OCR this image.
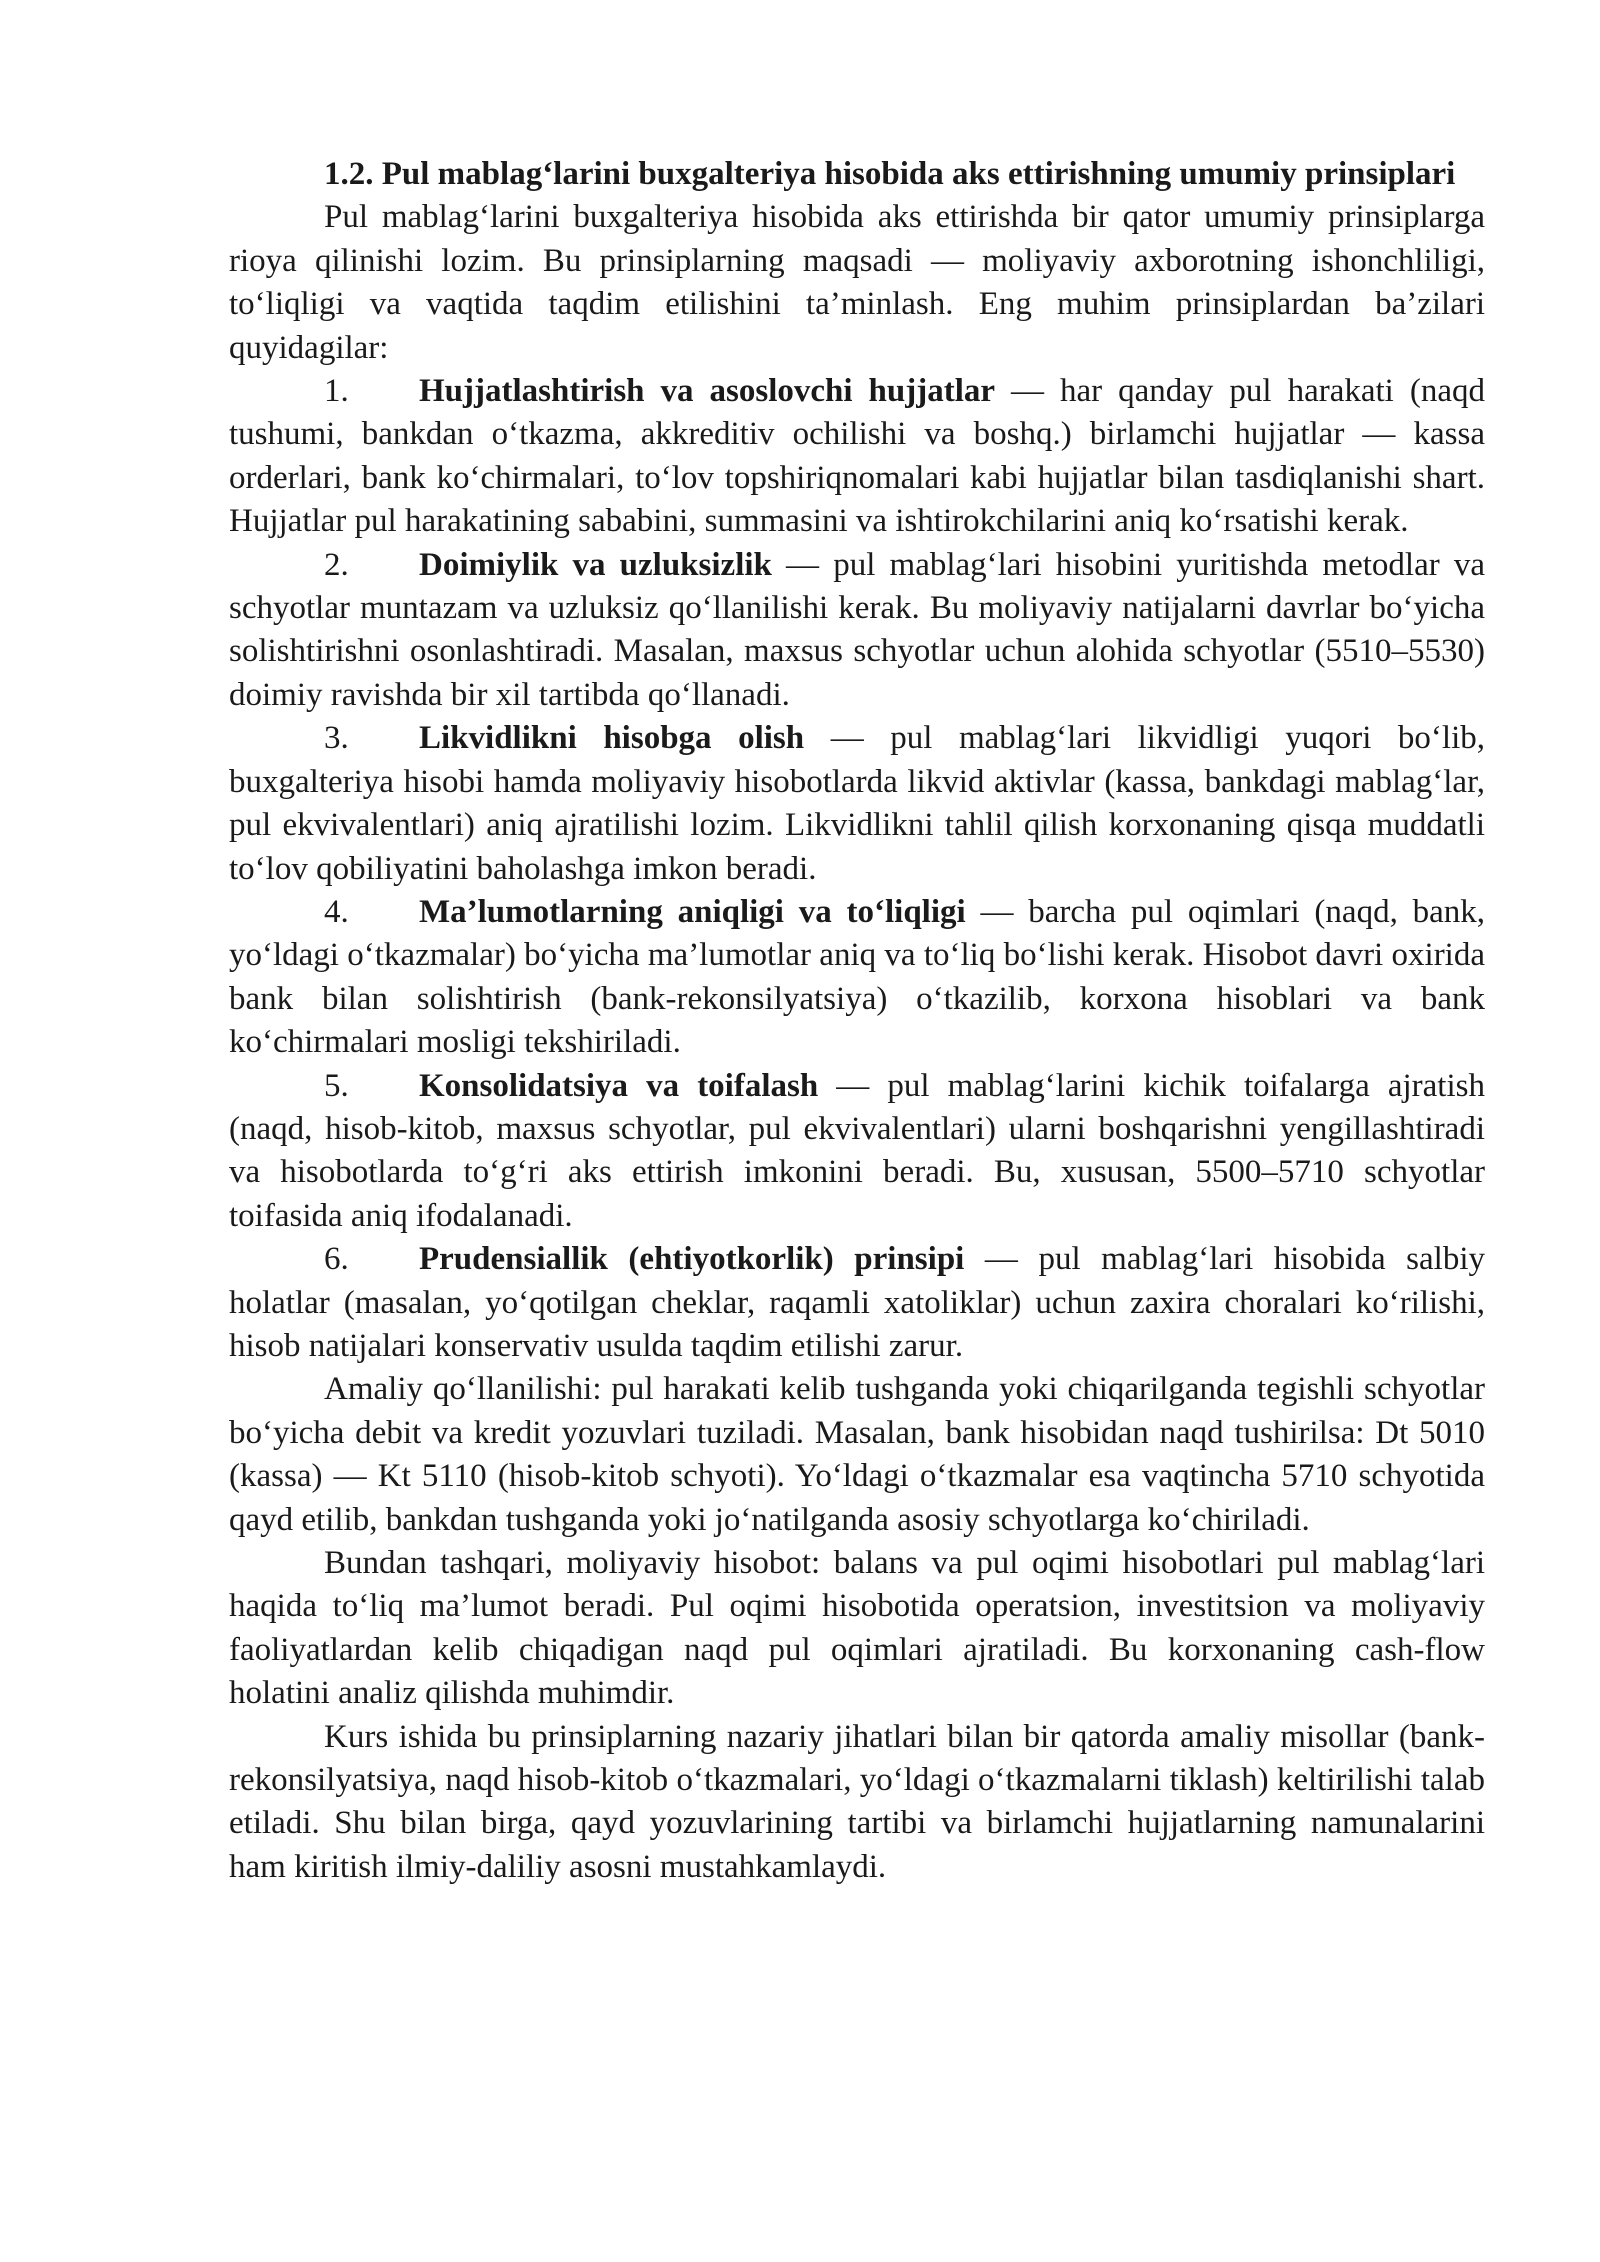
1.2. Pul mablag‘larini buxgalteriya hisobida aks ettirishning umumiy prinsiplari

Pul mablag‘larini buxgalteriya hisobida aks ettirishda bir qator umumiy prinsiplarga rioya qilinishi lozim. Bu prinsiplarning maqsadi — moliyaviy axborotning ishonchliligi, to‘liqligi va vaqtida taqdim etilishini ta’minlash. Eng muhim prinsiplardan ba’zilari quyidagilar:

1. Hujjatlashtirish va asoslovchi hujjatlar — har qanday pul harakati (naqd tushumi, bankdan o‘tkazma, akkreditiv ochilishi va boshq.) birlamchi hujjatlar — kassa orderlari, bank ko‘chirmalari, to‘lov topshiriqnomalari kabi hujjatlar bilan tasdiqlanishi shart. Hujjatlar pul harakatining sababini, summasini va ishtirokchilarini aniq ko‘rsatishi kerak.

2. Doimiylik va uzluksizlik — pul mablag‘lari hisobini yuritishda metodlar va schyotlar muntazam va uzluksiz qo‘llanilishi kerak. Bu moliyaviy natijalarni davrlar bo‘yicha solishtirishni osonlashtiradi. Masalan, maxsus schyotlar uchun alohida schyotlar (5510–5530) doimiy ravishda bir xil tartibda qo‘llanadi.

3. Likvidlikni hisobga olish — pul mablag‘lari likvidligi yuqori bo‘lib, buxgalteriya hisobi hamda moliyaviy hisobotlarda likvid aktivlar (kassa, bankdagi mablag‘lar, pul ekvivalentlari) aniq ajratilishi lozim. Likvidlikni tahlil qilish korxonaning qisqa muddatli to‘lov qobiliyatini baholashga imkon beradi.

4. Ma’lumotlarning aniqligi va to‘liqligi — barcha pul oqimlari (naqd, bank, yo‘ldagi o‘tkazmalar) bo‘yicha ma’lumotlar aniq va to‘liq bo‘lishi kerak. Hisobot davri oxirida bank bilan solishtirish (bank-rekonsilyatsiya) o‘tkazilib, korxona hisoblari va bank ko‘chirmalari mosligi tekshiriladi.

5. Konsolidatsiya va toifalash — pul mablag‘larini kichik toifalarga ajratish (naqd, hisob-kitob, maxsus schyotlar, pul ekvivalentlari) ularni boshqarishni yengillashtiradi va hisobotlarda to‘g‘ri aks ettirish imkonini beradi. Bu, xususan, 5500–5710 schyotlar toifasida aniq ifodalanadi.

6. Prudensiallik (ehtiyotkorlik) prinsipi — pul mablag‘lari hisobida salbiy holatlar (masalan, yo‘qotilgan cheklar, raqamli xatoliklar) uchun zaxira choralari ko‘rilishi, hisob natijalari konservativ usulda taqdim etilishi zarur.

Amaliy qo‘llanilishi: pul harakati kelib tushganda yoki chiqarilganda tegishli schyotlar bo‘yicha debit va kredit yozuvlari tuziladi. Masalan, bank hisobidan naqd tushirilsa: Dt 5010 (kassa) — Kt 5110 (hisob-kitob schyoti). Yo‘ldagi o‘tkazmalar esa vaqtincha 5710 schyotida qayd etilib, bankdan tushganda yoki jo‘natilganda asosiy schyotlarga ko‘chiriladi.

Bundan tashqari, moliyaviy hisobot: balans va pul oqimi hisobotlari pul mablag‘lari haqida to‘liq ma’lumot beradi. Pul oqimi hisobotida operatsion, investitsion va moliyaviy faoliyatlardan kelib chiqadigan naqd pul oqimlari ajratiladi. Bu korxonaning cash-flow holatini analiz qilishda muhimdir.

Kurs ishida bu prinsiplarning nazariy jihatlari bilan bir qatorda amaliy misollar (bank-rekonsilyatsiya, naqd hisob-kitob o‘tkazmalari, yo‘ldagi o‘tkazmalarni tiklash) keltirilishi talab etiladi. Shu bilan birga, qayd yozuvlarining tartibi va birlamchi hujjatlarning namunalarini ham kiritish ilmiy-daliliy asosni mustahkamlaydi.
